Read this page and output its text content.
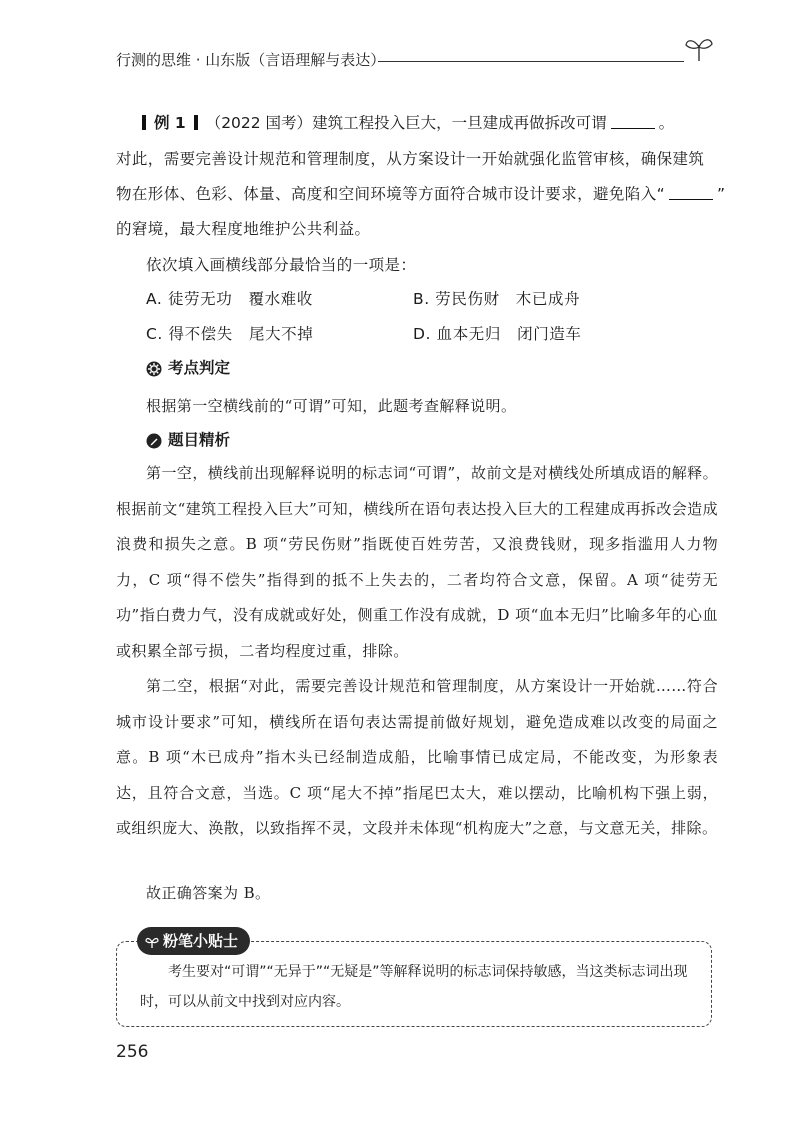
行测的思维 · 山东版（言语理解与表达）
例 1 （2022 国考）建筑工程投入巨大，一旦建成再做拆改可谓	。
对此，需要完善设计规范和管理制度，从方案设计一开始就强化监管审核，确保建筑
物在形体、色彩、体量、高度和空间环境等方面符合城市设计要求，避免陷入“	”
的窘境，最大程度地维护公共利益。
依次填入画横线部分最恰当的一项是：
A. 徒劳无功　覆水难收	B. 劳民伤财　木已成舟
C. 得不偿失　尾大不掉	D. 血本无归　闭门造车
考点判定
根据第一空横线前的“可谓”可知，此题考查解释说明。
题目精析
第一空，横线前出现解释说明的标志词“可谓”，故前文是对横线处所填成语的解释。根据前文“建筑工程投入巨大”可知，横线所在语句表达投入巨大的工程建成再拆改会造成浪费和损失之意。B 项“劳民伤财”指既使百姓劳苦，又浪费钱财，现多指滥用人力物力，C 项“得不偿失”指得到的抵不上失去的，二者均符合文意，保留。A 项“徒劳无功”指白费力气，没有成就或好处，侧重工作没有成就，D 项“血本无归”比喻多年的心血或积累全部亏损，二者均程度过重，排除。
第二空，根据“对此，需要完善设计规范和管理制度，从方案设计一开始就……符合城市设计要求”可知，横线所在语句表达需提前做好规划，避免造成难以改变的局面之意。B 项“木已成舟”指木头已经制造成船，比喻事情已成定局，不能改变，为形象表达，且符合文意，当选。C 项“尾大不掉”指尾巴太大，难以摆动，比喻机构下强上弱，或组织庞大、涣散，以致指挥不灵，文段并未体现“机构庞大”之意，与文意无关，排除。
故正确答案为 B。
粉笔小贴士
考生要对“可谓”“无异于”“无疑是”等解释说明的标志词保持敏感，当这类标志词出现时，可以从前文中找到对应内容。
256
